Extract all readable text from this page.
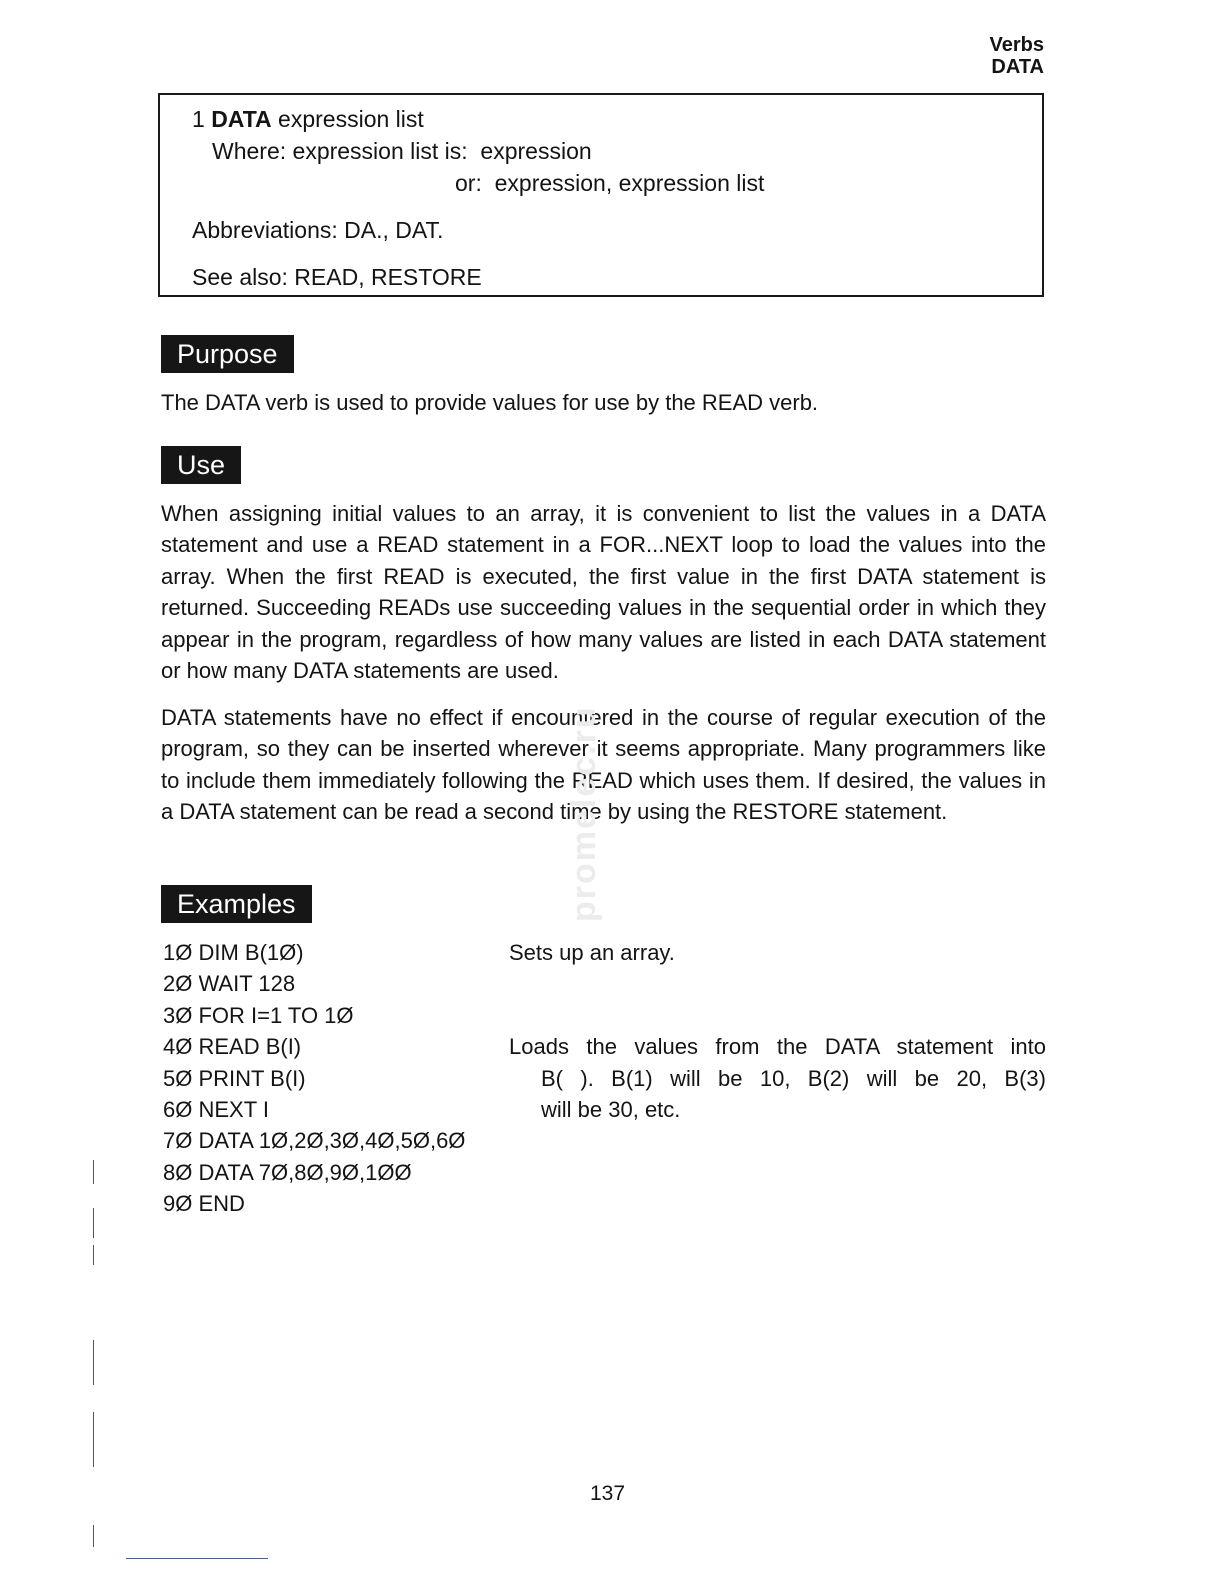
Verbs
DATA
1 DATA expression list
Where: expression list is:  expression
or:  expression, expression list
Abbreviations: DA., DAT.
See also: READ, RESTORE
Purpose

The DATA verb is used to provide values for use by the READ verb.

Use

When assigning initial values to an array, it is convenient to list the values in a DATA statement and use a READ statement in a FOR...NEXT loop to load the values into the array. When the first READ is executed, the first value in the first DATA statement is returned. Succeeding READs use succeeding values in the sequential order in which they appear in the program, regardless of how many values are listed in each DATA statement or how many DATA statements are used.

DATA statements have no effect if encountered in the course of regular execution of the program, so they can be inserted wherever it seems appropriate. Many programmers like to include them immediately following the READ which uses them. If desired, the values in a DATA statement can be read a second time by using the RESTORE statement.

promelec.ru
Examples
1Ø DIM B(1Ø)
2Ø WAIT 128
3Ø FOR I=1 TO 1Ø
4Ø READ B(I)
5Ø PRINT B(I)
6Ø NEXT I
7Ø DATA 1Ø,2Ø,3Ø,4Ø,5Ø,6Ø
8Ø DATA 7Ø,8Ø,9Ø,1ØØ
9Ø END
Sets up an array.
Loads the values from the DATA statement into
B( ). B(1) will be 10, B(2) will be 20, B(3)
will be 30, etc.
137
